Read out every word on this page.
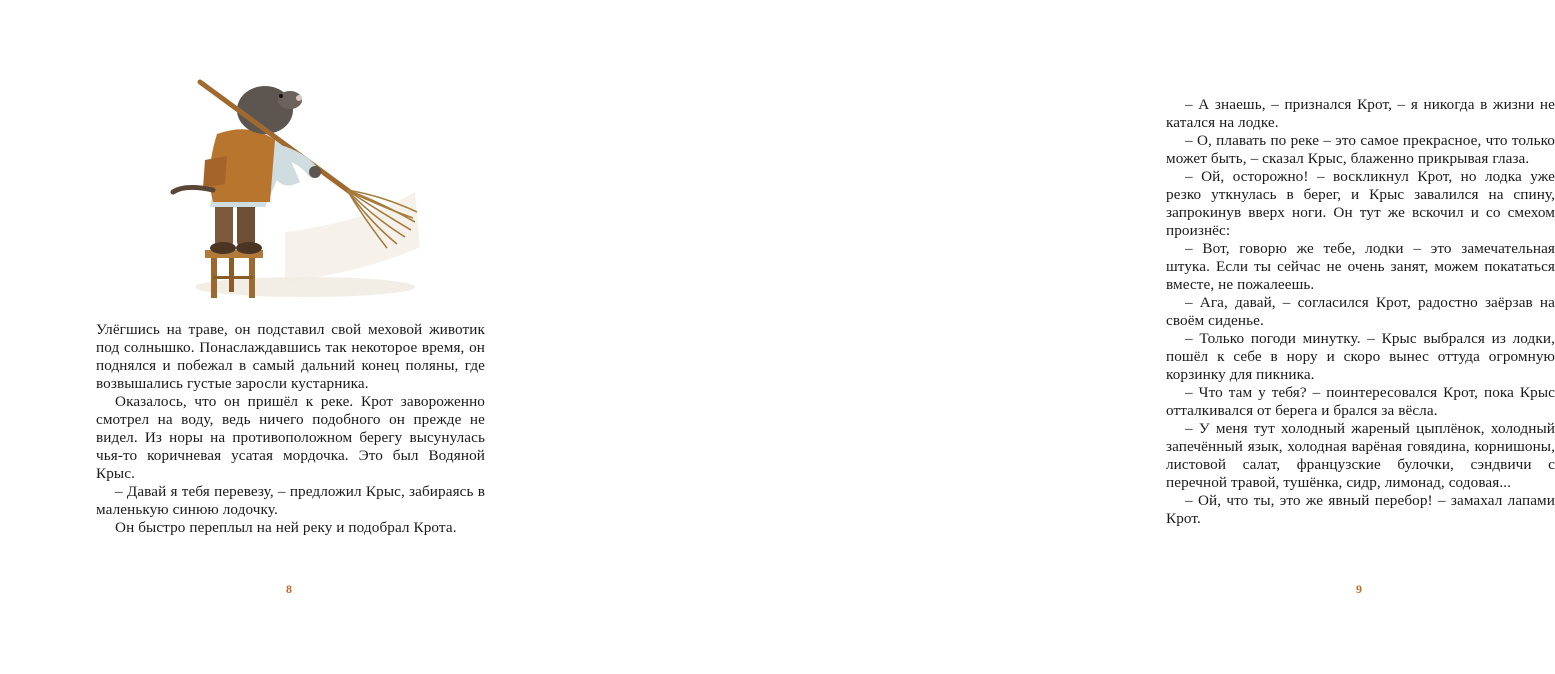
Улёгшись на траве, он подставил свой меховой животик под солнышко. Понаслаждавшись так некоторое время, он поднялся и побежал в самый дальний конец поляны, где возвышались густые заросли кустарника.
Оказалось, что он пришёл к реке. Крот завороженно смотрел на воду, ведь ничего подобного он прежде не видел. Из норы на противоположном берегу высунулась чья-то коричневая усатая мордочка. Это был Водяной Крыс.
– Давай я тебя перевезу, – предложил Крыс, забираясь в маленькую синюю лодочку.
Он быстро переплыл на ней реку и подобрал Крота.
8
– А знаешь, – признался Крот, – я никогда в жизни не катался на лодке.
– О, плавать по реке – это самое прекрасное, что только может быть, – сказал Крыс, блаженно прикрывая глаза.
– Ой, осторожно! – воскликнул Крот, но лодка уже резко уткнулась в берег, и Крыс завалился на спину, запрокинув вверх ноги. Он тут же вскочил и со смехом произнёс:
– Вот, говорю же тебе, лодки – это замечательная штука. Если ты сейчас не очень занят, можем покататься вместе, не пожалеешь.
– Ага, давай, – согласился Крот, радостно заёрзав на своём сиденье.
– Только погоди минутку. – Крыс выбрался из лодки, пошёл к себе в нору и скоро вынес оттуда огромную корзинку для пикника.
– Что там у тебя? – поинтересовался Крот, пока Крыс отталкивался от берега и брался за вёсла.
– У меня тут холодный жареный цыплёнок, холодный запечённый язык, холодная варёная говядина, корнишоны, листовой салат, французские булочки, сэндвичи с перечной травой, тушёнка, сидр, лимонад, содовая...
– Ой, что ты, это же явный перебор! – замахал лапами Крот.
9
